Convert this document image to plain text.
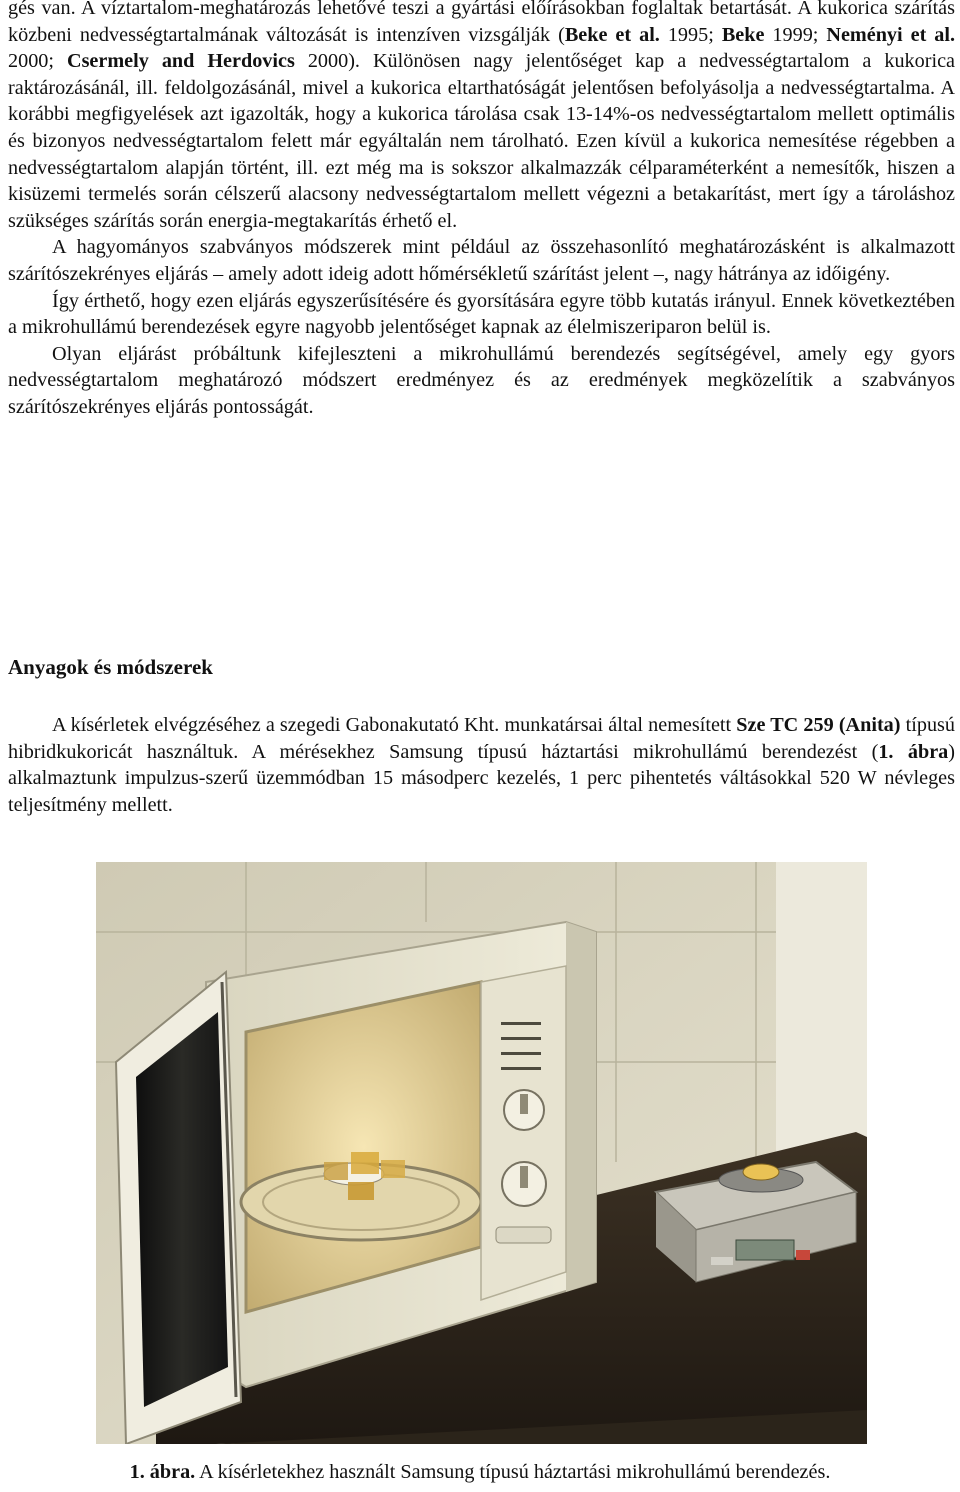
gés van. A víztartalom-meghatározás lehetővé teszi a gyártási előírásokban foglaltak betartását. A kukorica szárítás közbeni nedvességtartalmának változását is intenzíven vizsgálják (Beke et al. 1995; Beke 1999; Neményi et al. 2000; Csermely and Herdovics 2000). Különösen nagy jelentőséget kap a nedvességtartalom a kukorica raktározásánál, ill. feldolgozásánál, mivel a kukorica eltarthatóságát jelentősen befolyásolja a nedvességtartalma. A korábbi megfigyelések azt igazolták, hogy a kukorica tárolása csak 13-14%-os nedvességtartalom mellett optimális és bizonyos nedvességtartalom felett már egyáltalán nem tárolható. Ezen kívül a kukorica nemesítése régebben a nedvességtartalom alapján történt, ill. ezt még ma is sokszor alkalmazzák célparaméterként a nemesítők, hiszen a kisüzemi termelés során célszerű alacsony nedvességtartalom mellett végezni a betakarítást, mert így a tároláshoz szükséges szárítás során energia-megtakarítás érhető el.

A hagyományos szabványos módszerek mint például az összehasonlító meghatározásként is alkalmazott szárítószekrényes eljárás – amely adott ideig adott hőmérsékletű szárítást jelent –, nagy hátránya az időigény.

Így érthető, hogy ezen eljárás egyszerűsítésére és gyorsítására egyre több kutatás irányul. Ennek következtében a mikrohullámú berendezések egyre nagyobb jelentőséget kapnak az élelmiszeriparon belül is.

Olyan eljárást próbáltunk kifejleszteni a mikrohullámú berendezés segítségével, amely egy gyors nedvességtartalom meghatározó módszert eredményez és az eredmények megközelítik a szabványos szárítószekrényes eljárás pontosságát.

Anyagok és módszerek

A kísérletek elvégzéséhez a szegedi Gabonakutató Kht. munkatársai által nemesített Sze TC 259 (Anita) típusú hibridkukoricát használtuk. A mérésekhez Samsung típusú háztartási mikrohullámú berendezést (1. ábra) alkalmaztunk impulzus-szerű üzemmódban 15 másodperc kezelés, 1 perc pihentetés váltásokkal 520 W névleges teljesítmény mellett.

1. ábra. A kísérletekhez használt Samsung típusú háztartási mikrohullámú berendezés.
